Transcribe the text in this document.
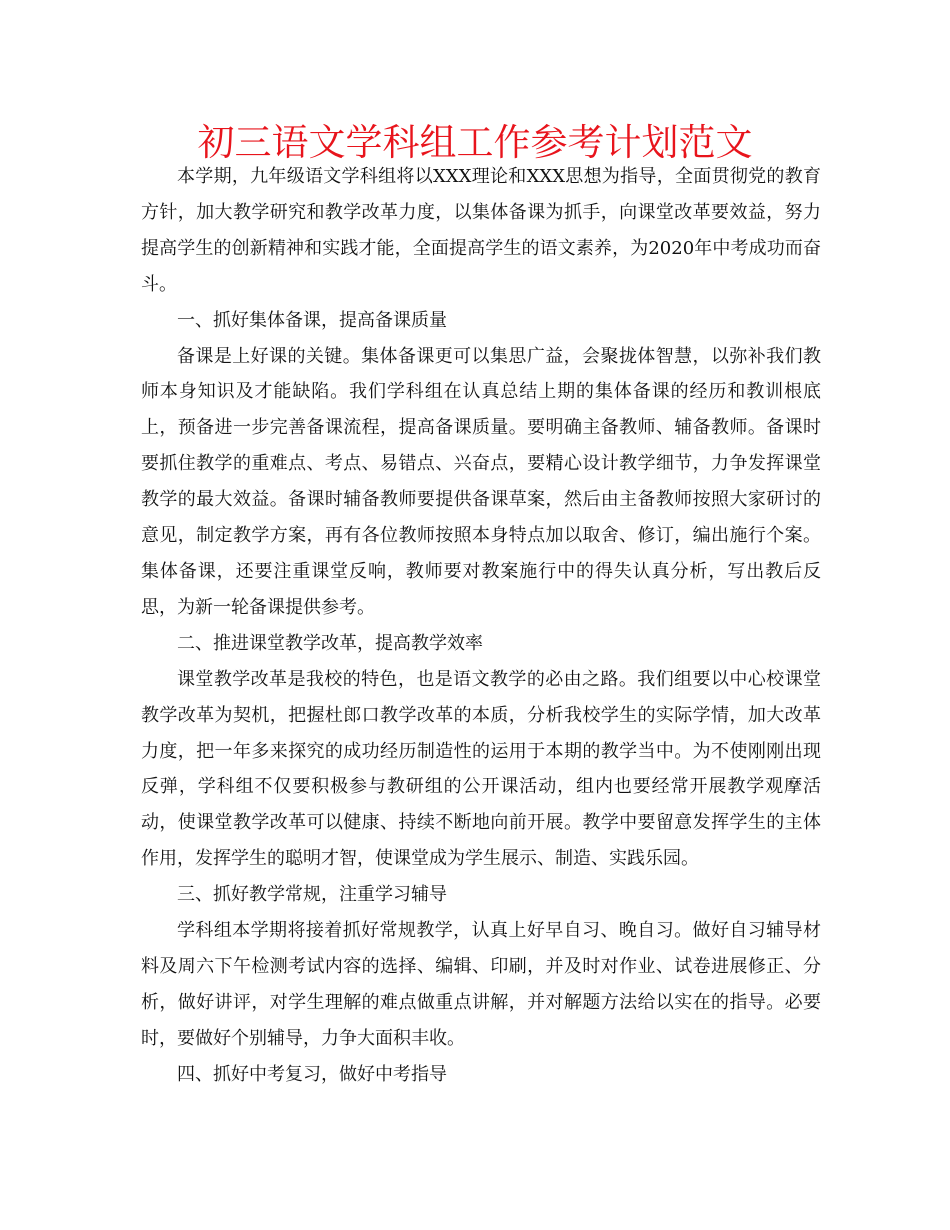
初三语文学科组工作参考计划范文

本学期，九年级语文学科组将以XXX理论和XXX思想为指导，全面贯彻党的教育方针，加大教学研究和教学改革力度，以集体备课为抓手，向课堂改革要效益，努力提高学生的创新精神和实践才能，全面提高学生的语文素养，为2020年中考成功而奋斗。

一、抓好集体备课，提高备课质量

备课是上好课的关键。集体备课更可以集思广益，会聚拢体智慧，以弥补我们教师本身知识及才能缺陷。我们学科组在认真总结上期的集体备课的经历和教训根底上，预备进一步完善备课流程，提高备课质量。要明确主备教师、辅备教师。备课时要抓住教学的重难点、考点、易错点、兴奋点，要精心设计教学细节，力争发挥课堂教学的最大效益。备课时辅备教师要提供备课草案，然后由主备教师按照大家研讨的意见，制定教学方案，再有各位教师按照本身特点加以取舍、修订，编出施行个案。集体备课，还要注重课堂反响，教师要对教案施行中的得失认真分析，写出教后反思，为新一轮备课提供参考。

二、推进课堂教学改革，提高教学效率

课堂教学改革是我校的特色，也是语文教学的必由之路。我们组要以中心校课堂教学改革为契机，把握杜郎口教学改革的本质，分析我校学生的实际学情，加大改革力度，把一年多来探究的成功经历制造性的运用于本期的教学当中。为不使刚刚出现反弹，学科组不仅要积极参与教研组的公开课活动，组内也要经常开展教学观摩活动，使课堂教学改革可以健康、持续不断地向前开展。教学中要留意发挥学生的主体作用，发挥学生的聪明才智，使课堂成为学生展示、制造、实践乐园。

三、抓好教学常规，注重学习辅导

学科组本学期将接着抓好常规教学，认真上好早自习、晚自习。做好自习辅导材料及周六下午检测考试内容的选择、编辑、印刷，并及时对作业、试卷进展修正、分析，做好讲评，对学生理解的难点做重点讲解，并对解题方法给以实在的指导。必要时，要做好个别辅导，力争大面积丰收。

四、抓好中考复习，做好中考指导
